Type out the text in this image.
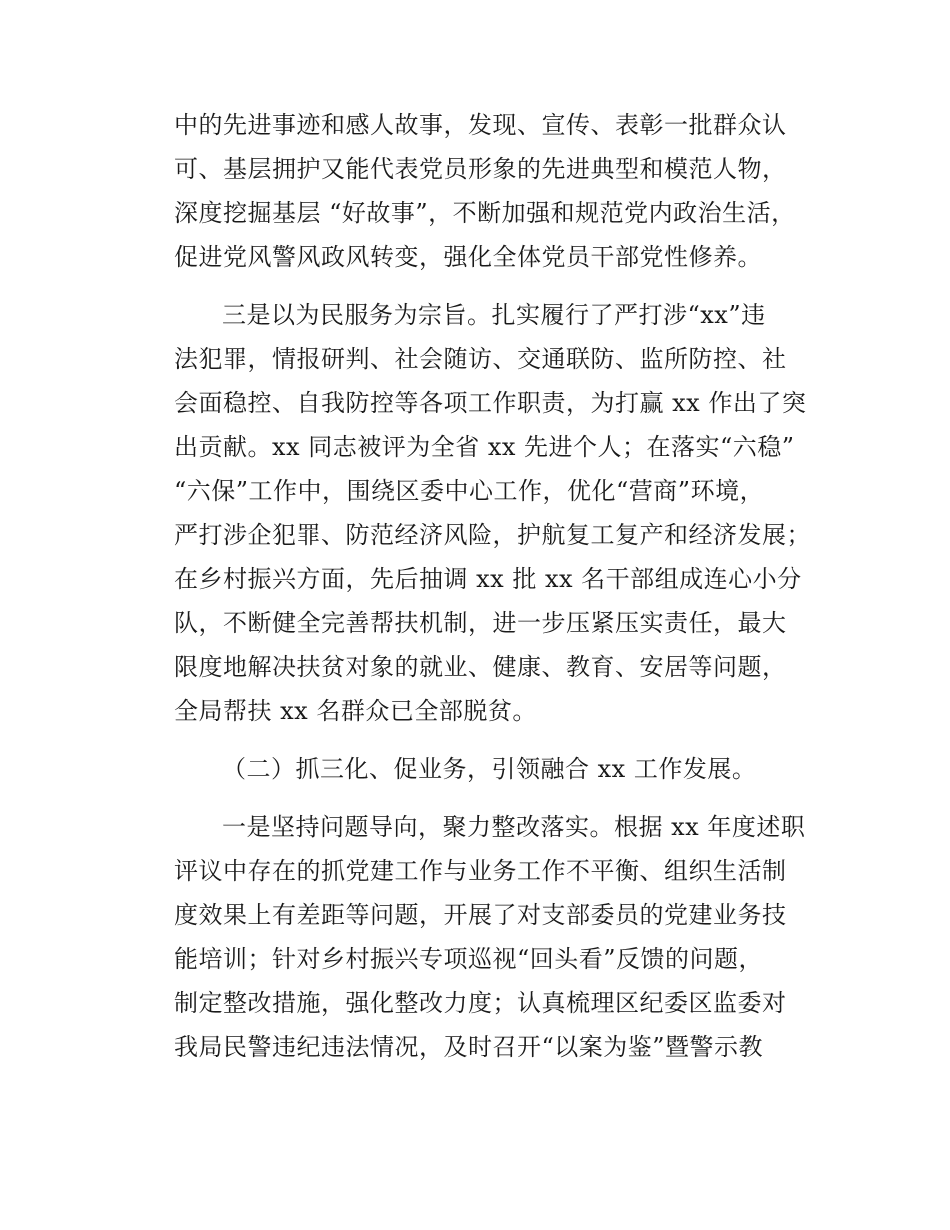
中的先进事迹和感人故事，发现、宣传、表彰一批群众认
可、基层拥护又能代表党员形象的先进典型和模范人物，
深度挖掘基层 “好故事”，不断加强和规范党内政治生活，
促进党风警风政风转变，强化全体党员干部党性修养。
三是以为民服务为宗旨。扎实履行了严打涉“xx”违
法犯罪，情报研判、社会随访、交通联防、监所防控、社
会面稳控、自我防控等各项工作职责，为打赢 xx 作出了突
出贡献。xx 同志被评为全省 xx 先进个人；在落实“六稳”
“六保”工作中，围绕区委中心工作，优化“营商”环境，
严打涉企犯罪、防范经济风险，护航复工复产和经济发展；
在乡村振兴方面，先后抽调 xx 批 xx 名干部组成连心小分
队，不断健全完善帮扶机制，进一步压紧压实责任，最大
限度地解决扶贫对象的就业、健康、教育、安居等问题，
全局帮扶 xx 名群众已全部脱贫。
（二）抓三化、促业务，引领融合 xx 工作发展。
一是坚持问题导向，聚力整改落实。根据 xx 年度述职
评议中存在的抓党建工作与业务工作不平衡、组织生活制
度效果上有差距等问题，开展了对支部委员的党建业务技
能培训；针对乡村振兴专项巡视“回头看”反馈的问题，
制定整改措施，强化整改力度；认真梳理区纪委区监委对
我局民警违纪违法情况，及时召开“以案为鉴”暨警示教
